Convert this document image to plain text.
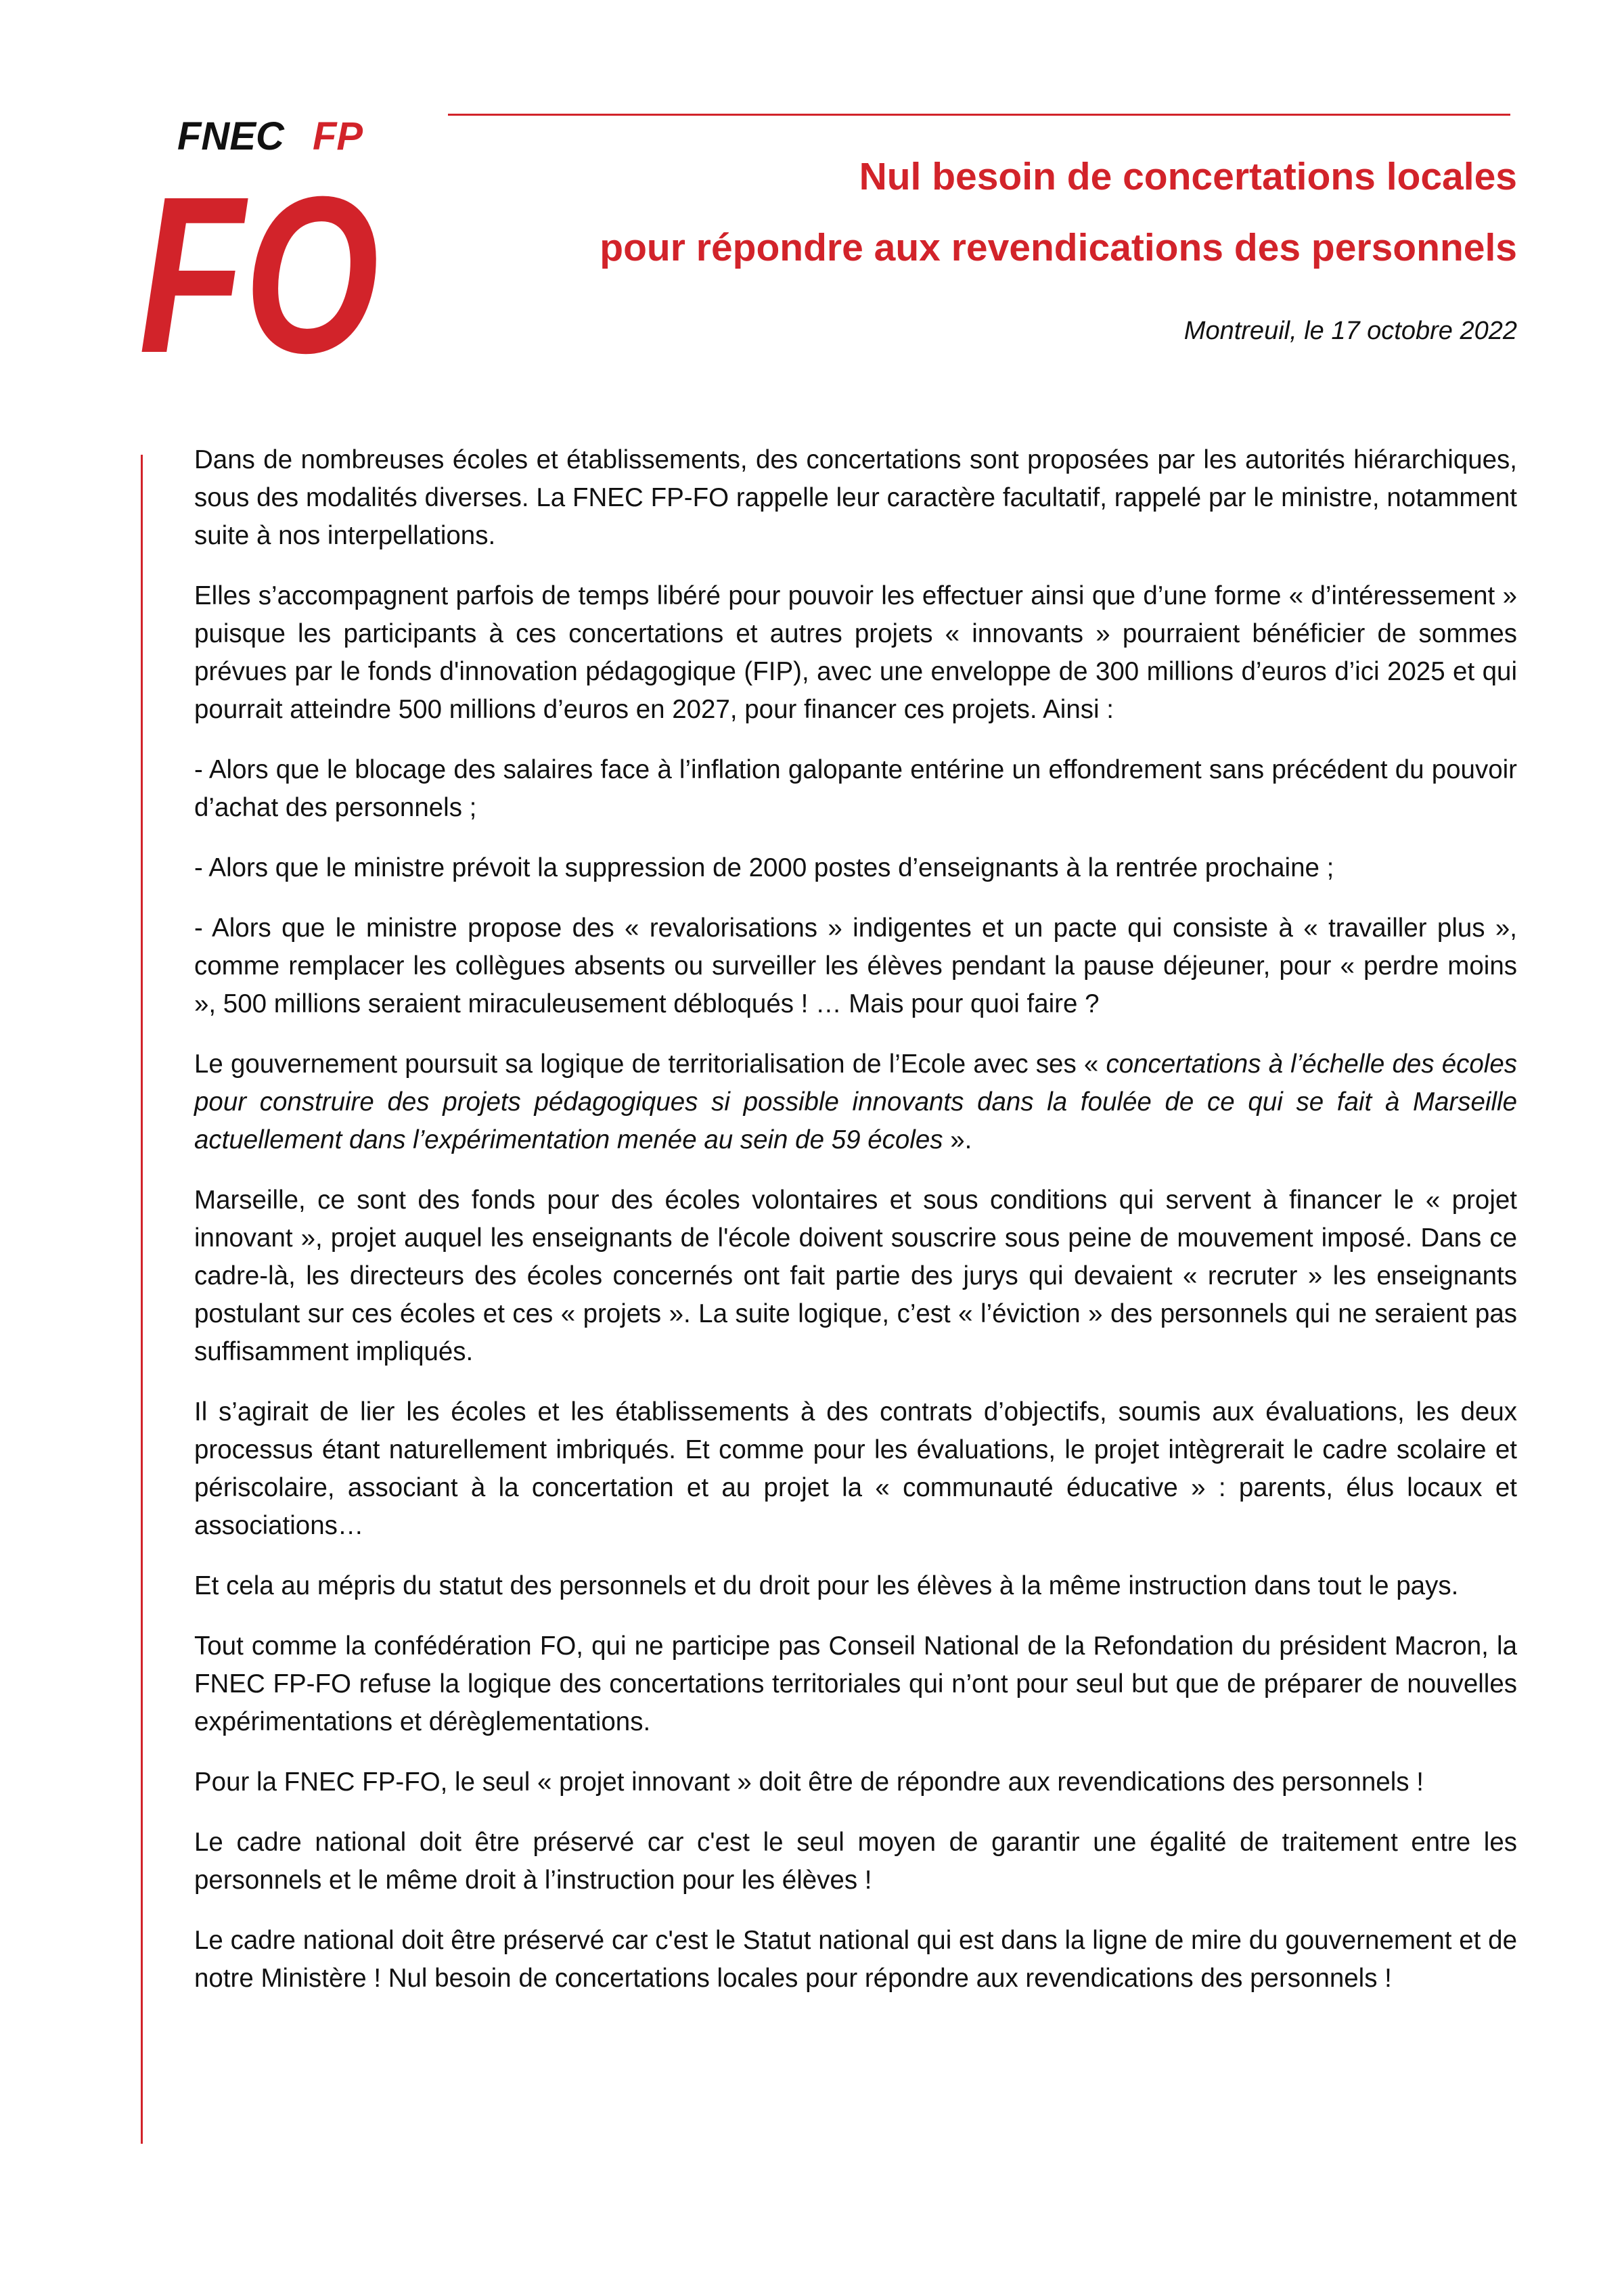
FNEC FP
FO	Nul besoin de concertations locales
pour répondre aux revendications des personnels
Montreuil, le 17 octobre 2022

Dans de nombreuses écoles et établissements, des concertations sont proposées par les autorités hiérarchiques, sous des modalités diverses. La FNEC FP-FO rappelle leur caractère facultatif, rappelé par le ministre, notamment suite à nos interpellations.

Elles s’accompagnent parfois de temps libéré pour pouvoir les effectuer ainsi que d’une forme « d’intéressement » puisque les participants à ces concertations et autres projets « innovants » pourraient bénéficier de sommes prévues par le fonds d'innovation pédagogique (FIP), avec une enveloppe de 300 millions d’euros d’ici 2025 et qui pourrait atteindre 500 millions d’euros en 2027, pour financer ces projets. Ainsi :

- Alors que le blocage des salaires face à l’inflation galopante entérine un effondrement sans précédent du pouvoir d’achat des personnels ;

- Alors que le ministre prévoit la suppression de 2000 postes d’enseignants à la rentrée prochaine ;

- Alors que le ministre propose des « revalorisations » indigentes et un pacte qui consiste à « travailler plus », comme remplacer les collègues absents ou surveiller les élèves pendant la pause déjeuner, pour « perdre moins », 500 millions seraient miraculeusement débloqués ! … Mais pour quoi faire ?

Le gouvernement poursuit sa logique de territorialisation de l’Ecole avec ses « concertations à l’échelle des écoles pour construire des projets pédagogiques si possible innovants dans la foulée de ce qui se fait à Marseille actuellement dans l’expérimentation menée au sein de 59 écoles ».

Marseille, ce sont des fonds pour des écoles volontaires et sous conditions qui servent à financer le « projet innovant », projet auquel les enseignants de l'école doivent souscrire sous peine de mouvement imposé. Dans ce cadre-là, les directeurs des écoles concernés ont fait partie des jurys qui devaient « recruter » les enseignants postulant sur ces écoles et ces « projets ». La suite logique, c’est « l’éviction » des personnels qui ne seraient pas suffisamment impliqués.

Il s’agirait de lier les écoles et les établissements à des contrats d’objectifs, soumis aux évaluations, les deux processus étant naturellement imbriqués. Et comme pour les évaluations, le projet intègrerait le cadre scolaire et périscolaire, associant à la concertation et au projet la « communauté éducative » : parents, élus locaux et associations…

Et cela au mépris du statut des personnels et du droit pour les élèves à la même instruction dans tout le pays.

Tout comme la confédération FO, qui ne participe pas Conseil National de la Refondation du président Macron, la FNEC FP-FO refuse la logique des concertations territoriales qui n’ont pour seul but que de préparer de nouvelles expérimentations et dérèglementations.

Pour la FNEC FP-FO, le seul « projet innovant » doit être de répondre aux revendications des personnels !

Le cadre national doit être préservé car c'est le seul moyen de garantir une égalité de traitement entre les personnels et le même droit à l’instruction pour les élèves !

Le cadre national doit être préservé car c'est le Statut national qui est dans la ligne de mire du gouvernement et de notre Ministère ! Nul besoin de concertations locales pour répondre aux revendications des personnels !
